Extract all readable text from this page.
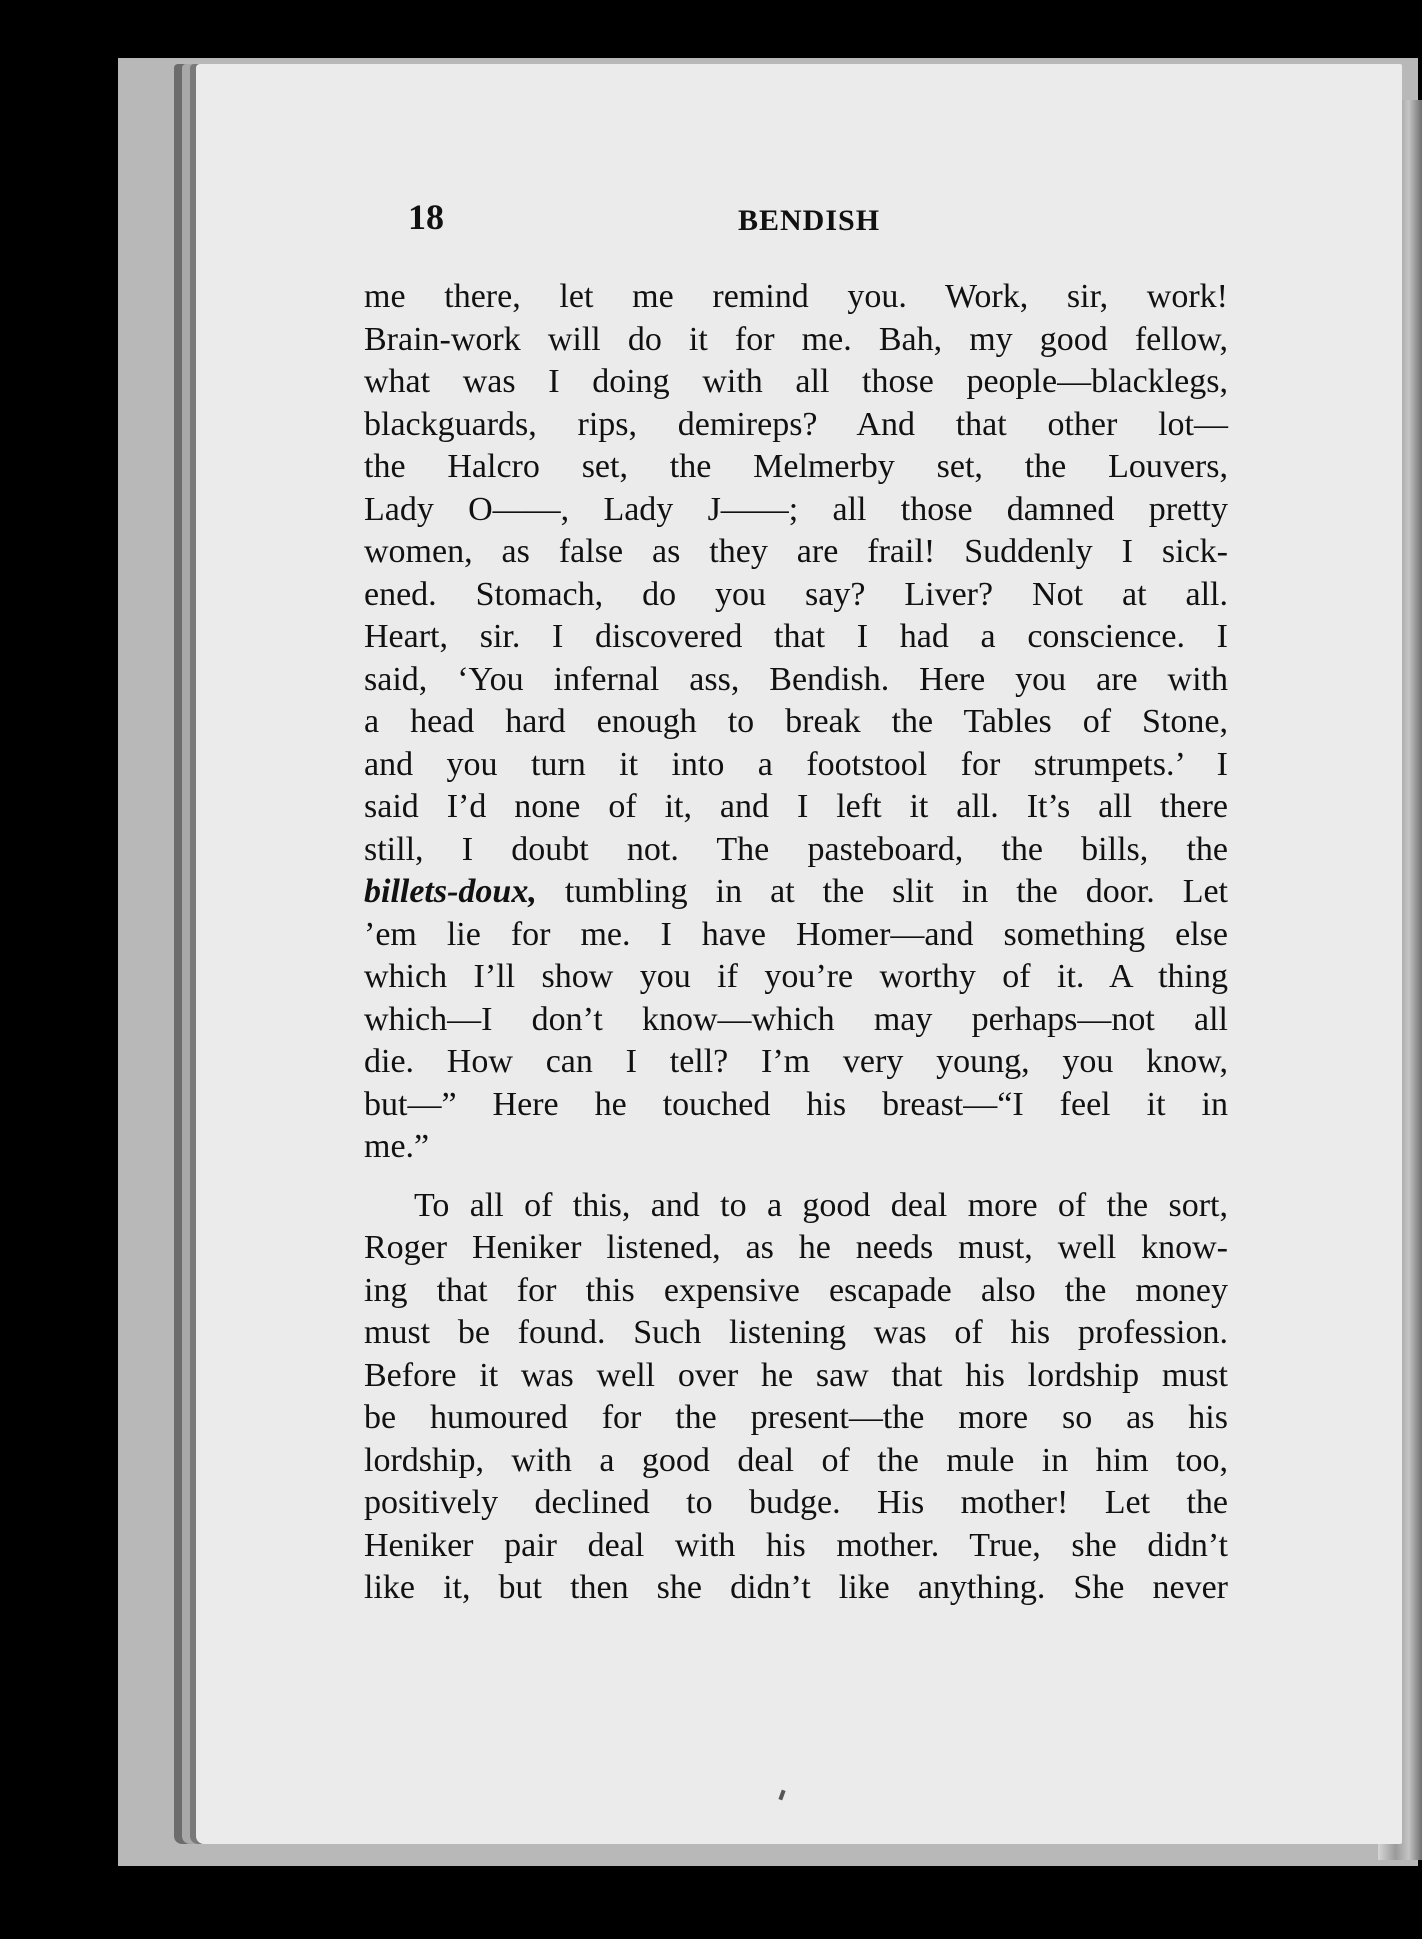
18	BENDISH
me there, let me remind you. Work, sir, work!
Brain-work will do it for me. Bah, my good fellow,
what was I doing with all those people—blacklegs,
blackguards, rips, demireps? And that other lot—
the Halcro set, the Melmerby set, the Louvers,
Lady O——, Lady J——; all those damned pretty
women, as false as they are frail! Suddenly I sick-
ened. Stomach, do you say? Liver? Not at all.
Heart, sir. I discovered that I had a conscience. I
said, ‘You infernal ass, Bendish. Here you are with
a head hard enough to break the Tables of Stone,
and you turn it into a footstool for strumpets.’ I
said I’d none of it, and I left it all. It’s all there
still, I doubt not. The pasteboard, the bills, the
billets-doux, tumbling in at the slit in the door. Let
’em lie for me. I have Homer—and something else
which I’ll show you if you’re worthy of it. A thing
which—I don’t know—which may perhaps—not all
die. How can I tell? I’m very young, you know,
but—” Here he touched his breast—“I feel it in
me.”
To all of this, and to a good deal more of the sort,
Roger Heniker listened, as he needs must, well know-
ing that for this expensive escapade also the money
must be found. Such listening was of his profession.
Before it was well over he saw that his lordship must
be humoured for the present—the more so as his
lordship, with a good deal of the mule in him too,
positively declined to budge. His mother! Let the
Heniker pair deal with his mother. True, she didn’t
like it, but then she didn’t like anything. She never
